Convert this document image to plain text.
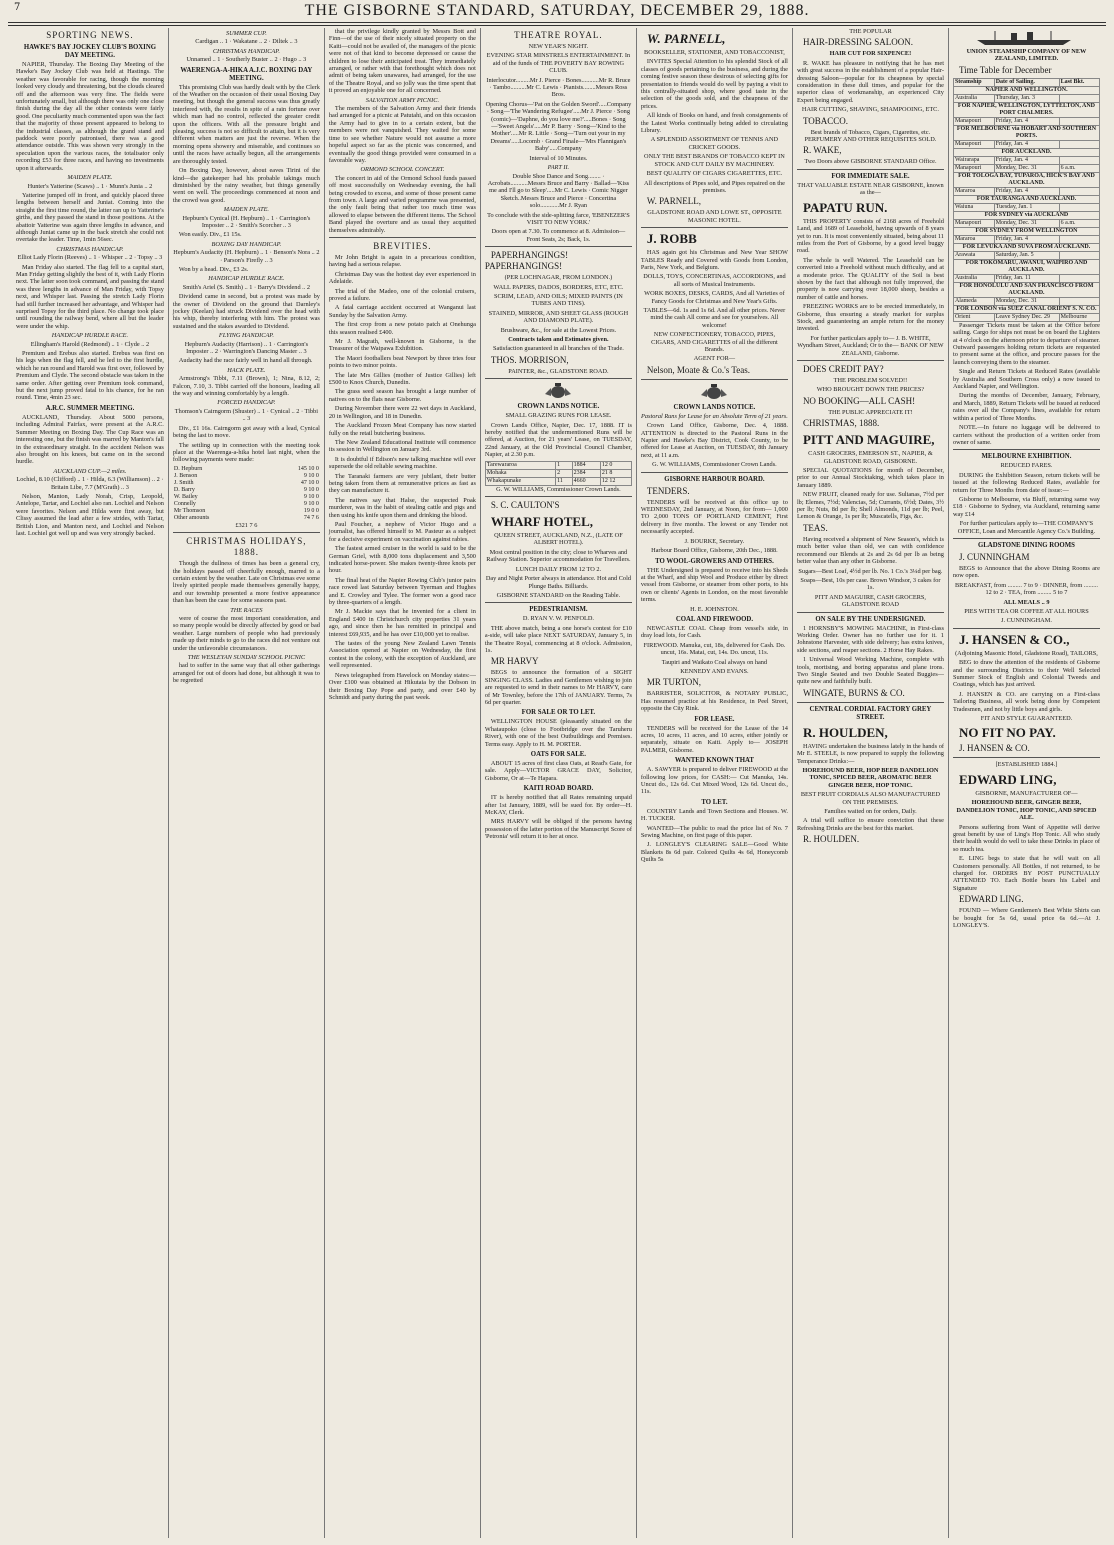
7	THE GISBORNE STANDARD, SATURDAY, DECEMBER 29, 1888.
SPORTING NEWS.
HAWKE'S BAY JOCKEY CLUB'S BOXING DAY MEETING.

NAPIER, Thursday. The Boxing Day Meeting of the Hawke's Bay Jockey Club was held at Hastings. The weather was favorable for racing, though the morning looked very cloudy and threatening, but the clouds cleared off and the afternoon was very fine. The fields were unfortunately small, but although there was only one close finish during the day all the other contests were fairly good. One peculiarity much commented upon was the fact that the majority of those present appeared to belong to the industrial classes, as although the grand stand and paddock were poorly patronised, there was a good attendance outside. This was shown very strongly in the speculation upon the various races, the totalisator only recording £53 for three races, and having no investments upon it afterwards.

MAIDEN PLATE.

Hunter's Yatterine (Scaws) .. 1 · Munn's Junia .. 2

Yatterine jumped off in front, and quickly placed three lengths between herself and Juniat. Coming into the straight the first time round, the latter ran up to Yatterine's girths, and they passed the stand in those positions. At the abattoir Yatterine was again three lengths in advance, and although Juniat came up in the back stretch she could not overtake the leader. Time, 1min 56sec.

CHRISTMAS HANDICAP.

Elliot Lady Florin (Reeves) .. 1 · Whisper .. 2 · Topsy .. 3

Man Friday also started. The flag fell to a capital start, Man Friday getting slightly the best of it, with Lady Florin next. The latter soon took command, and passing the stand was three lengths in advance of Man Friday, with Topsy next, and Whisper last. Passing the stretch Lady Florin had still further increased her advantage, and Whisper had surprised Topsy for the third place. No change took place until rounding the railway bend, where all but the leader were under the whip.

HANDICAP HURDLE RACE.

Ellingham's Harold (Redmond) .. 1 · Clyde .. 2

Premium and Erebus also started. Erebus was first on his legs when the flag fell, and he led to the first hurdle, which he ran round and Harold was first over, followed by Premium and Clyde. The second obstacle was taken in the same order. After getting over Premium took command, but the next jump proved fatal to his chance, for he ran round. Time, 4min 23 sec.

A.R.C. SUMMER MEETING.

AUCKLAND, Thursday. About 5000 persons, including Admiral Fairfax, were present at the A.R.C. Summer Meeting on Boxing Day. The Cup Race was an interesting one, but the finish was marred by Manton's fall in the extraordinary straight. In the accident Nelson was also brought on his knees, but came on in the second hurdle.

AUCKLAND CUP.—2 miles.

Lochiel, 8.10 (Clifford) .. 1 · Hilda, 6.3 (Williamson) .. 2 · Britain Libe, 7.7 (M'Grath) .. 3

Nelson, Manton, Lady Norah, Crisp, Leopold, Antelope, Tartar, and Lochiel also ran. Lochiel and Nelson were favorites. Nelson and Hilda were first away, but Clissy assumed the lead after a few strides, with Tartar, British Lion, and Manton next, and Lochiel and Nelson last. Lochiel got well up and was very strongly backed.

SUMMER CUP.

Cardigan .. 1 · Wakatane .. 2 · Diltek .. 3

CHRISTMAS HANDICAP.

Unnamed .. 1 · Southerly Buster .. 2 · Hugo .. 3

WAERENGA-A-HIKA A.J.C. BOXING DAY MEETING.

This promising Club was hardly dealt with by the Clerk of the Weather on the occasion of their usual Boxing Day meeting, but though the general success was thus greatly interfered with, the results in spite of a rain fortune over which man had no control, reflected the greater credit upon the officers. With all the pressure bright and pleasing, success is not so difficult to attain, but it is very different when matters are just the reverse. When the morning opens showery and miserable, and continues so until the races have actually begun, all the arrangements are thoroughly tested.

On Boxing Day, however, about eaves Tirini of the kind—the gatekeeper had his probable takings much diminished by the rainy weather, but things generally went on well. The proceedings commenced at noon and the crowd was good.

MAIDEN PLATE.

Hepburn's Cynical (H. Hepburn) .. 1 · Carrington's Imposter .. 2 · Smith's Scorcher .. 3

Won easily. Div., £1 15s.

BOXING DAY HANDICAP.

Hepburn's Audacity (H. Hepburn) .. 1 · Benson's Nora .. 2 · Parson's Firefly .. 3

Won by a head. Div., £3 2s.

HANDICAP HURDLE RACE.

Smith's Ariel (S. Smith) .. 1 · Barry's Dividend .. 2

Dividend came in second, but a protest was made by the owner of Dividend on the ground that Darnley's jockey (Keelan) had struck Dividend over the head with his whip, thereby interfering with him. The protest was sustained and the stakes awarded to Dividend.

FLYING HANDICAP.

Hepburn's Audacity (Harrison) .. 1 · Carrington's Imposter .. 2 · Warrington's Dancing Master .. 3

Audacity had the race fairly well in hand all through.

HACK PLATE.

Armstrong's Tibbi, 7.11 (Brown), 1; Nina, 8.12, 2; Falcon, 7.10, 3. Tibbi carried off the honours, leading all the way and winning comfortably by a length.

FORCED HANDICAP.

Thomson's Cairngorm (Shuster) .. 1 · Cynical .. 2 · Tibbi .. 3

Div., £1 16s. Cairngorm got away with a lead, Cynical being the last to move.

The settling up in connection with the meeting took place at the Waerenga-a-hika hotel last night, when the following payments were made:

D. Hepburn	145 10 0
J. Benson	9 10 0
J. Smith	47 10 0
D. Barry	9 10 0
W. Bailey	9 10 0
Connelly	9 10 0
Mr Thomson	19 0 0
Other amounts	74 7 6

£321 7 6

CHRISTMAS HOLIDAYS, 1888.

Though the dullness of times has been a general cry, the holidays passed off cheerfully enough, marred to a certain extent by the weather. Late on Christmas eve some lively spirited people made themselves generally happy, and our township presented a more festive appearance than has been the case for some seasons past.

THE RACES

were of course the most important consideration, and so many people would be directly affected by good or bad weather. Large numbers of people who had previously made up their minds to go to the races did not venture out under the unfavorable circumstances.

THE WESLEYAN SUNDAY SCHOOL PICNIC

had to suffer in the same way that all other gatherings arranged for out of doors had done, but although it was to be regretted

that the privilege kindly granted by Messrs Bott and Finn—of the use of their nicely situated property on the Kaiti—could not be availed of, the managers of the picnic were not of that kind to become depressed or cause the children to lose their anticipated treat. They immediately arranged, or rather with that forethought which does not admit of being taken unawares, had arranged, for the use of the Theatre Royal, and so jolly was the time spent that it proved an enjoyable one for all concerned.

SALVATION ARMY PICNIC.

The members of the Salvation Army and their friends had arranged for a picnic at Patutahi, and on this occasion the Army had to give in to a certain extent, but the members were not vanquished. They waited for some time to see whether Nature would not assume a more hopeful aspect so far as the picnic was concerned, and eventually the good things provided were consumed in a favorable way.

ORMOND SCHOOL CONCERT.

The concert in aid of the Ormond School funds passed off most successfully on Wednesday evening, the hall being crowded to excess, and some of those present came from town. A large and varied programme was presented, the only fault being that rather too much time was allowed to elapse between the different items. The School Band played the overture and as usual they acquitted themselves admirably.

BREVITIES.

Mr John Bright is again in a precarious condition, having had a serious relapse.

Christmas Day was the hottest day ever experienced in Adelaide.

The trial of the Madeo, one of the colonial cruisers, proved a failure.

A fatal carriage accident occurred at Wanganui last Sunday by the Salvation Army.

The first crop from a new potato patch at Onehunga this season realised £400.

Mr J. Magrath, well-known in Gisborne, is the Treasurer of the Waipawa Exhibition.

The Maori footballers beat Newport by three tries four points to two minor points.

The late Mrs Gillies (mother of Justice Gillies) left £500 to Knox Church, Dunedin.

The grass seed season has brought a large number of natives on to the flats near Gisborne.

During November there were 22 wet days in Auckland, 20 in Wellington, and 18 in Dunedin.

The Auckland Frozen Meat Company has now started fully on the retail butchering business.

The New Zealand Educational Institute will commence its session in Wellington on January 3rd.

It is doubtful if Edison's new talking machine will ever supersede the old reliable sewing machine.

The Taranaki farmers are very jubilant, their butter being taken from them at remunerative prices as fast as they can manufacture it.

The natives say that Halse, the suspected Poak murderer, was in the habit of stealing cattle and pigs and then using his knife upon them and drinking the blood.

Paul Foucher, a nephew of Victor Hugo and a journalist, has offered himself to M. Pasteur as a subject for a decisive experiment on vaccination against rabies.

The fastest armed cruiser in the world is said to be the German Griel, with 8,000 tons displacement and 3,500 indicated horse-power. She makes twenty-three knots per hour.

The final heat of the Napier Rowing Club's junior pairs race rowed last Saturday between Tyerman and Hughes and E. Crowley and Tylee. The former won a good race by three-quarters of a length.

Mr J. Mackie says that he invented for a client in England £400 in Christchurch city properties 31 years ago, and since then he has remitted in principal and interest £69,935, and he has over £10,000 yet to realise.

The tastes of the young New Zealand Lawn Tennis Association opened at Napier on Wednesday, the first contest in the colony, with the exception of Auckland, are well represented.

News telegraphed from Havelock on Monday states:—Over £100 was obtained at Hikutaia by the Dobson in their Boxing Day Pope and party, and over £40 by Schmidt and party during the past week.

THEATRE ROYAL.

NEW YEAR'S NIGHT.

EVENING STAR MINSTRELS ENTERTAINMENT. In aid of the funds of THE POVERTY BAY ROWING CLUB.

Interlocutor.........Mr J. Pierce · Bones...........Mr R. Bruce · Tambo..........Mr C. Lewis · Pianists........Messrs Ross Bros.

Opening Chorus—'Pat on the Golden Sword'.....Company · Song—'The Wandering Refugee'.....Mr J. Pierce · Song (comic)—'Daphne, do you love me?'.....Bones · Song—'Sweet Angels'.....Mr P. Barry · Song—'Kind to the Mother'.....Mr R. Little · Song—'Turn out your in my Dreams'.....Locomb · Grand Finale—'Mrs Flannigan's Baby'.....Company

Interval of 10 Minutes.

PART II.

Double Shoe Dance and Song........ · Acrobats...........Messrs Bruce and Barry · Ballad—'Kiss me and I'll go to Sleep'.....Mr C. Lewis · Comic Nigger Sketch..Messrs Bruce and Pierce · Concertina solo............Mr J. Ryan

To conclude with the side-splitting farce, 'EBENEZER'S VISIT TO NEW YORK.'

Doors open at 7.30. To commence at 8. Admission—Front Seats, 2s; Back, 1s.

PAPERHANGINGS! PAPERHANGINGS!

(PER LOCHNAGAR, FROM LONDON.)

WALL PAPERS, DADOS, BORDERS, ETC, ETC.

SCRIM, LEAD, AND OILS; MIXED PAINTS (IN TUBES AND TINS).

STAINED, MIRROR, AND SHEET GLASS (ROUGH AND DIAMOND PLATE).

Brushware, &c., for sale at the Lowest Prices.

Contracts taken and Estimates given.

Satisfaction guaranteed in all branches of the Trade.

THOS. MORRISON,

PAINTER, &c., GLADSTONE ROAD.

CROWN LANDS NOTICE.

SMALL GRAZING RUNS FOR LEASE.

Crown Lands Office, Napier, Dec. 17, 1888. IT is hereby notified that the undermentioned Runs will be offered, at Auction, for 21 years' Lease, on TUESDAY, 22nd January, at the Old Provincial Council Chamber, Napier, at 2.30 p.m.

Tarewararoa	1	1884	12 0
Mohaka	2	2384	21 8
Whakapunake	11	4660	12 12

G. W. WILLIAMS, Commissioner Crown Lands.

S. C. CAULTON'S

WHARF HOTEL,

QUEEN STREET, AUCKLAND, N.Z., (LATE OF ALBERT HOTEL).

Most central position in the city; close to Wharves and Railway Station. Superior accommodation for Travellers.

LUNCH DAILY FROM 12 TO 2.

Day and Night Porter always in attendance. Hot and Cold Plunge Baths. Billiards.

GISBORNE STANDARD on the Reading Table.

PEDESTRIANISM.

D. RYAN V. W. PENFOLD.

THE above match, being a one horse's contest for £10 a-side, will take place NEXT SATURDAY, January 5, in the Theatre Royal, commencing at 8 o'clock. Admission, 1s.

MR HARVY

BEGS to announce the formation of a SIGHT SINGING CLASS. Ladies and Gentlemen wishing to join are requested to send in their names to Mr HARVY, care of Mr Townley, before the 17th of JANUARY. Terms, 7s 6d per quarter.

FOR SALE OR TO LET.

WELLINGTON HOUSE (pleasantly situated on the Whataupoko (close to Footbridge over the Taruheru River), with one of the best Outbuildings and Premises. Terms easy. Apply to H. M. PORTER.

OATS FOR SALE.

ABOUT 15 acres of first class Oats, at Read's Gate, for sale. Apply—VICTOR GRACE DAY, Solicitor, Gisborne, Or at—Te Hapara.

KAITI ROAD BOARD.

IT is hereby notified that all Rates remaining unpaid after 1st January, 1889, will be sued for. By order—H. McKAY, Clerk.

MRS HARVY will be obliged if the persons having possession of the latter portion of the Manuscript Score of 'Petronia' will return it to her at once.

W. PARNELL,

BOOKSELLER, STATIONER, AND TOBACCONIST,

INVITES Special Attention to his splendid Stock of all classes of goods pertaining to the business, and during the coming festive season these desirous of selecting gifts for presentation to friends would do well by paying a visit to this centrally-situated shop, where good taste in the selection of the goods sold, and the cheapness of the prices.

All kinds of Books on hand, and fresh consignments of the Latest Works continually being added to circulating Library.

A SPLENDID ASSORTMENT OF TENNIS AND CRICKET GOODS.

ONLY THE BEST BRANDS OF TOBACCO KEPT IN STOCK AND CUT DAILY BY MACHINERY.

BEST QUALITY OF CIGARS CIGARETTES, ETC.

All descriptions of Pipes sold, and Pipes repaired on the premises.

W. PARNELL,

GLADSTONE ROAD AND LOWE ST., OPPOSITE MASONIC HOTEL.

J. ROBB

HAS again got his Christmas and New Year SHOW TABLES Ready and Covered with Goods from London, Paris, New York, and Belgium.

DOLLS, TOYS, CONCERTINAS, ACCORDIONS, and all sorts of Musical Instruments.

WORK BOXES, DESKS, CARDS, And all Varieties of Fancy Goods for Christmas and New Year's Gifts.

TABLES—6d. 1s and 1s 6d. And all other prices. Never mind the cash All come and see for yourselves. All welcome!

NEW CONFECTIONERY, TOBACCO, PIPES, CIGARS, AND CIGARETTES of all the different Brands.

AGENT FOR—

Nelson, Moate & Co.'s Teas.

CROWN LANDS NOTICE.

Pastoral Runs for Lease for an Absolute Term of 21 years.

Crown Land Office, Gisborne, Dec. 4, 1888. ATTENTION is directed to the Pastoral Runs in the Napier and Hawke's Bay District, Cook County, to be offered for Lease at Auction, on TUESDAY, 8th January next, at 11 a.m.

G. W. WILLIAMS, Commissioner Crown Lands.

GISBORNE HARBOUR BOARD.

TENDERS.

TENDERS will be received at this office up to WEDNESDAY, 2nd January, at Noon, for from— 1,000 TO 2,000 TONS OF PORTLAND CEMENT, First delivery in five months. The lowest or any Tender not necessarily accepted.

J. BOURKE, Secretary.

Harbour Board Office, Gisborne, 20th Dec., 1888.

TO WOOL-GROWERS AND OTHERS.

THE Undersigned is prepared to receive into his Sheds at the Wharf, and ship Wool and Produce either by direct vessel from Gisborne, or steamer from other ports, to his own or clients' Agents in London, on the most favorable terms.

H. E. JOHNSTON.

COAL AND FIREWOOD.

NEWCASTLE COAL Cheap from vessel's side, in dray load lots, for Cash.

FIREWOOD. Manuka, cut, 18s, delivered for Cash. Do. uncut, 16s. Matai, cut, 14s. Do. uncut, 11s.

Taupiri and Waikato Coal always on hand

KENNEDY AND EVANS.

MR TURTON,

BARRISTER, SOLICITOR, & NOTARY PUBLIC, Has resumed practice at his Residence, in Peel Street, opposite the City Rink.

FOR LEASE.

TENDERS will be received for the Lease of the 14 acres, 10 acres, 11 acres, and 10 acres, either jointly or separately, situate on Kaiti. Apply to— JOSEPH PALMER, Gisborne.

WANTED KNOWN THAT

A. SAWYER is prepared to deliver FIREWOOD at the following low prices, for CASH:— Cut Manuka, 14s. Uncut do., 12s 6d. Cut Mixed Wood, 12s 6d. Uncut do., 11s.

TO LET.

COUNTRY Lands and Town Sections and Houses. W. H. TUCKER.

WANTED—The public to read the price list of No. 7 Sewing Machine, on first page of this paper.

J. LONGLEY'S CLEARING SALE—Good White Blankets 8s 6d pair. Colored Quilts 4s 6d, Honeycomb Quilts 5s

THE POPULAR

HAIR-DRESSING SALOON.

HAIR CUT FOR SIXPENCE!

R. WAKE has pleasure in notifying that he has met with great success in the establishment of a popular Hair-dressing Saloon—popular for its cheapness by special consideration in these dull times, and popular for the superior class of workmanship, an experienced City Expert being engaged.

HAIR CUTTING, SHAVING, SHAMPOOING, ETC.

TOBACCO.

Best brands of Tobacco, Cigars, Cigarettes, etc. PERFUMERY AND OTHER REQUISITES SOLD.

R. WAKE,

Two Doors above GISBORNE STANDARD Office.

FOR IMMEDIATE SALE.

THAT VALUABLE ESTATE NEAR GISBORNE, known as the—

PAPATU RUN.

THIS PROPERTY consists of 2168 acres of Freehold Land, and 1689 of Leasehold, having upwards of 8 years yet to run. It is most conveniently situated, being about 11 miles from the Port of Gisborne, by a good level buggy road.

The whole is well Watered. The Leasehold can be converted into a Freehold without much difficulty, and at a moderate price. The QUALITY of the Soil is best shown by the fact that although not fully improved, the property is now carrying over 18,000 sheep, besides a number of cattle and horses.

FREEZING WORKS are to be erected immediately, in Gisborne, thus ensuring a steady market for surplus Stock, and guaranteeing an ample return for the money invested.

For further particulars apply to— J. B. WHITE, Wyndham Street, Auckland; Or to the— BANK OF NEW ZEALAND, Gisborne.

DOES CREDIT PAY?

THE PROBLEM SOLVED!!

WHO BROUGHT DOWN THE PRICES?

NO BOOKING—ALL CASH!

THE PUBLIC APPRECIATE IT!

CHRISTMAS, 1888.

PITT AND MAGUIRE,

CASH GROCERS, EMERSON ST., NAPIER, & GLADSTONE ROAD, GISBORNE.

SPECIAL QUOTATIONS for month of December, prior to our Annual Stocktaking, which takes place in January 1889.

NEW FRUIT, cleaned ready for use. Sultanas, 7½d per lb; Elemes, 7½d; Valencias, 5d; Currants, 6½d; Dates, 3½ per lb; Nuts, 8d per lb; Shell Almonds, 11d per lb; Peel, Lemon & Orange, 1s per lb; Muscatells, Figs, &c.

TEAS.

Having received a shipment of New Season's, which is much better value than old, we can with confidence recommend our Blends at 2s and 2s 6d per lb as being better value than any other in Gisborne.

Sugars—Best Loaf, 4½d per lb. No. 1 Co.'s 3¼d per bag.

Soaps—Best, 10s per case. Brown Windsor, 3 cakes for 1s.

PITT AND MAGUIRE, CASH GROCERS, GLADSTONE ROAD

ON SALE BY THE UNDERSIGNED.

1 HORNSBY'S MOWING MACHINE, in First-class Working Order. Owner has no further use for it. 1 Johnstone Harvester, with side delivery; has extra knives, side sections, and reaper sections. 2 Horse Hay Rakes.

1 Universal Wood Working Machine, complete with tools, mortising, and boring apparatus and plane irons. Two Single Seated and two Double Seated Buggies—quite new and faithfully built.

WINGATE, BURNS & CO.

CENTRAL CORDIAL FACTORY GREY STREET.

R. HOULDEN,

HAVING undertaken the business lately in the hands of Mr E. STEELE, is now prepared to supply the following Temperance Drinks:—

HOREHOUND BEER, HOP BEER DANDELION TONIC, SPICED BEER, AROMATIC BEER GINGER BEER, HOP TONIC.

BEST FRUIT CORDIALS ALSO MANUFACTURED ON THE PREMISES.

Families waited on for orders, Daily.

A trial will suffice to ensure conviction that these Refreshing Drinks are the best for this market.

R. HOULDEN.

UNION STEAMSHIP COMPANY OF NEW ZEALAND, LIMITED.

Time Table for December

Steamship	Date of Sailing.	Last Bkt.
NAPIER AND WELLINGTON.		
Australia	Thursday, Jan. 3	
FOR NAPIER, WELLINGTON, LYTTELTON, AND PORT CHALMERS.		
Manapouri	Friday, Jan. 4	
FOR MELBOURNE via HOBART AND SOUTHERN PORTS.		
Manapouri	Friday, Jan. 4	
FOR AUCKLAND.		
Wairarapa	Friday, Jan. 4	
Manapouri	Monday, Dec. 31	6 a.m.
FOR TOLOGA BAY, TUPAROA, HICK'S BAY AND AUCKLAND.		
Mararoa	Friday, Jan. 4	
FOR TAURANGA AND AUCKLAND.		
Waiuna	Tuesday, Jan. 1	
FOR SYDNEY via AUCKLAND		
Manapouri	Monday, Dec. 31	6 a.m.
FOR SYDNEY FROM WELLINGTON		
Mararoa	Friday, Jan. 4	
FOR LEVUKA AND SUVA FROM AUCKLAND.		
Arawata	Saturday, Jan. 5	
FOR TOKOMARU, AWANUI, WAIPIRO AND AUCKLAND.		
Australia	Friday, Jan. 11	
FOR HONOLULU AND SAN FRANCISCO FROM AUCKLAND.		
Alameda	Monday, Dec. 31	
FOR LONDON via SUEZ CANAL ORIENT S. N. CO.		
Orient	Leave Sydney Dec. 29	Melbourne

Passenger Tickets must be taken at the Office before sailing. Cargo for ships not must be on board the Lighters at 4 o'clock on the afternoon prior to departure of steamer. Outward passengers holding return tickets are requested to present same at the office, and procure passes for the launch conveying them to the steamer.

Single and Return Tickets at Reduced Rates (available by Australia and Southern Cross only) a now issued to Auckland Napier, and Wellington.

During the months of December, January, February, and March, 1889, Return Tickets will be issued at reduced rates over all the Company's lines, available for return within a period of Three Months.

NOTE.—In future no luggage will be delivered to carriers without the production of a written order from owner of same.

MELBOURNE EXHIBITION.

REDUCED FARES.

DURING the Exhibition Season, return tickets will be issued at the following Reduced Rates, available for return for Three Months from date of issue:—

Gisborne to Melbourne, via Bluff, returning same way £18 · Gisborne to Sydney, via Auckland, returning same way £14

For further particulars apply to—THE COMPANY'S OFFICE, Loan and Mercantile Agency Co.'s Building.

GLADSTONE DINING ROOMS

J. CUNNINGHAM

BEGS to Announce that the above Dining Rooms are now open.

BREAKFAST, from ......... 7 to 9 · DINNER, from ......... 12 to 2 · TEA, from ......... 5 to 7

ALL MEALS .. 9

PIES WITH TEA OR COFFEE AT ALL HOURS

J. CUNNINGHAM.

J. HANSEN & CO.,

(Adjoining Masonic Hotel, Gladstone Road), TAILORS,

BEG to draw the attention of the residents of Gisborne and the surrounding Districts to their Well Selected Summer Stock of English and Colonial Tweeds and Coatings, which has just arrived.

J. HANSEN & CO. are carrying on a First-class Tailoring Business, all work being done by Competent Tradesmen, and not by little boys and girls.

FIT AND STYLE GUARANTEED.

NO FIT NO PAY.

J. HANSEN & CO.

[ESTABLISHED 1884.]

EDWARD LING,

GISBORNE, MANUFACTURER OF—

HOREHOUND BEER, GINGER BEER, DANDELION TONIC, HOP TONIC, AND SPICED ALE.

Persons suffering from Want of Appetite will derive great benefit by use of Ling's Hop Tonic. All who study their health would do well to take these Drinks in place of so much tea.

E. LING begs to state that he will wait on all Customers personally. All Bottles, if not returned, to be charged for. ORDERS BY POST PUNCTUALLY ATTENDED TO. Each Bottle bears his Label and Signature

EDWARD LING.

FOUND — Where Gentlemen's Best White Shirts can be bought for 5s 6d, usual price 6s 6d.—At J. LONGLEY'S.
